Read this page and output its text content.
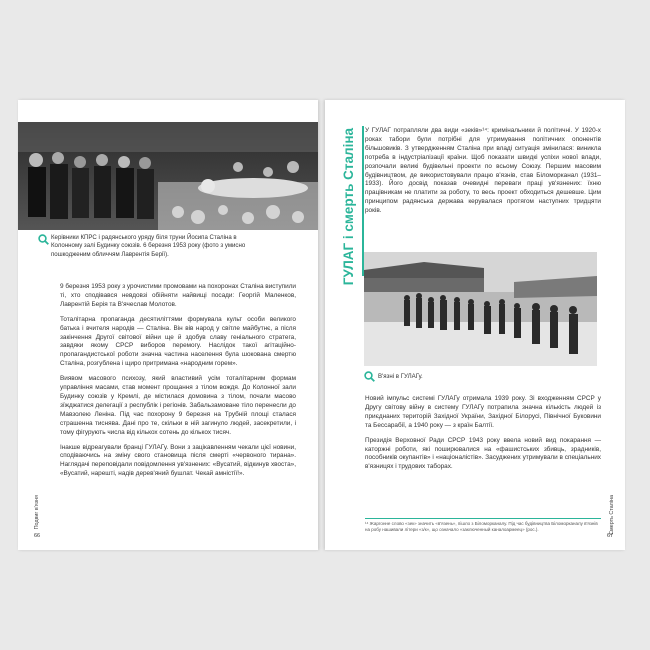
Керівники КПРС і радянського уряду біля труни Йосипа Сталіна в Колонному залі Будинку союзів. 6 березня 1953 року (фото з умисно пошкодженим обличчям Лаврентія Берії).

9 березня 1953 року з урочистими промовами на похоронах Сталіна виступили ті, хто сподівався невдовзі обійняти найвищі посади: Георгій Маленков, Лаврентій Берія та В'ячеслав Молотов.

Тоталітарна пропаганда десятиліттями формувала культ особи великого батька і вчителя народів — Сталіна. Він вів народ у світле майбутнє, а після закінчення Другої світової війни ще й здобув славу геніального стратега, завдяки якому СРСР виборов перемогу. Наслідок такої агітаційно-пропагандистської роботи значна частина населення була шокована смертю Сталіна, розгублена і щиро притримана «народним горем».

Виявом масового психозу, який властивий усім тоталітарним формам управління масами, став момент прощання з тілом вождя. До Колонної зали Будинку союзів у Кремлі, де містилася домовина з тілом, почали масово зїжджатися делегації з республік і регіонів. Забальзамоване тіло перенесли до Мавзолею Леніна. Під час похорону 9 березня на Трубній площі сталася страшенна тиснява. Дані про те, скільки в ній загинуло людей, засекретили, і тому фігурують числа від кількох сотень до кількох тисяч.

Інакше відреагували бранці ГУЛАГу. Вони з зацікавленням чекали цієї новини, сподіваючись на зміну свого становища після смерті «червоного тирана». Наглядачі переповідали повідомлення ув'язнених: «Вусатий, відкинув хвоста», «Вусатий, нарешті, надів дерев'яний бушлат. Чекай амністії!».

Подвиг в'язня
66
ГУЛАГ і смерть Сталіна У ГУЛАГ потрапляли два види «зеків»¹⁴: кримінальники й політичні. У 1920-х роках табори були потрібні для утримування політичних опонентів більшовиків. З утвердженням Сталіна при владі ситуація змінилася: виникла потреба в індустріалізації країни. Щоб показати швидкі успіхи нової влади, розпочали великі будівельні проекти по всьому Союзу. Першим масовим будівництвом, де використовували працю в'язнів, став Біломорканал (1931–1933). Його досвід показав очевидні переваги праці ув'язнених: їхню працівникам не платити за роботу, то весь проект обходиться дешевше. Цим принципом радянська держава керувалася протягом наступних тридцяти років.
В'язні в ГУЛАГу.

Новий імпульс системі ГУЛАГу отримала 1939 року. Зі входженням СРСР у Другу світову війну в систему ГУЛАГу потрапила значна кількість людей із приєднаних територій Західної України, Західної Білорусі, Північної Буковини та Бессарабії, а 1940 року — з країн Балтії.

Президія Верховної Ради СРСР 1943 року ввела новий вид покарання — каторжні роботи, які поширювалися на «фашистських збивць, зрадників, пособників окупантів» і «націоналістів». Засуджених утримували в спеціальних в'язницях і трудових таборах.

¹⁴ Жаргонне слово «зек» значить «в'язень», пішло з Біломорканалу. Під час будівництва Біломорканалу в'язнів на робу нашивали літери «з/к», що означало «заключенный каналоармеец» (рос.).	Смерть Сталіна
67
